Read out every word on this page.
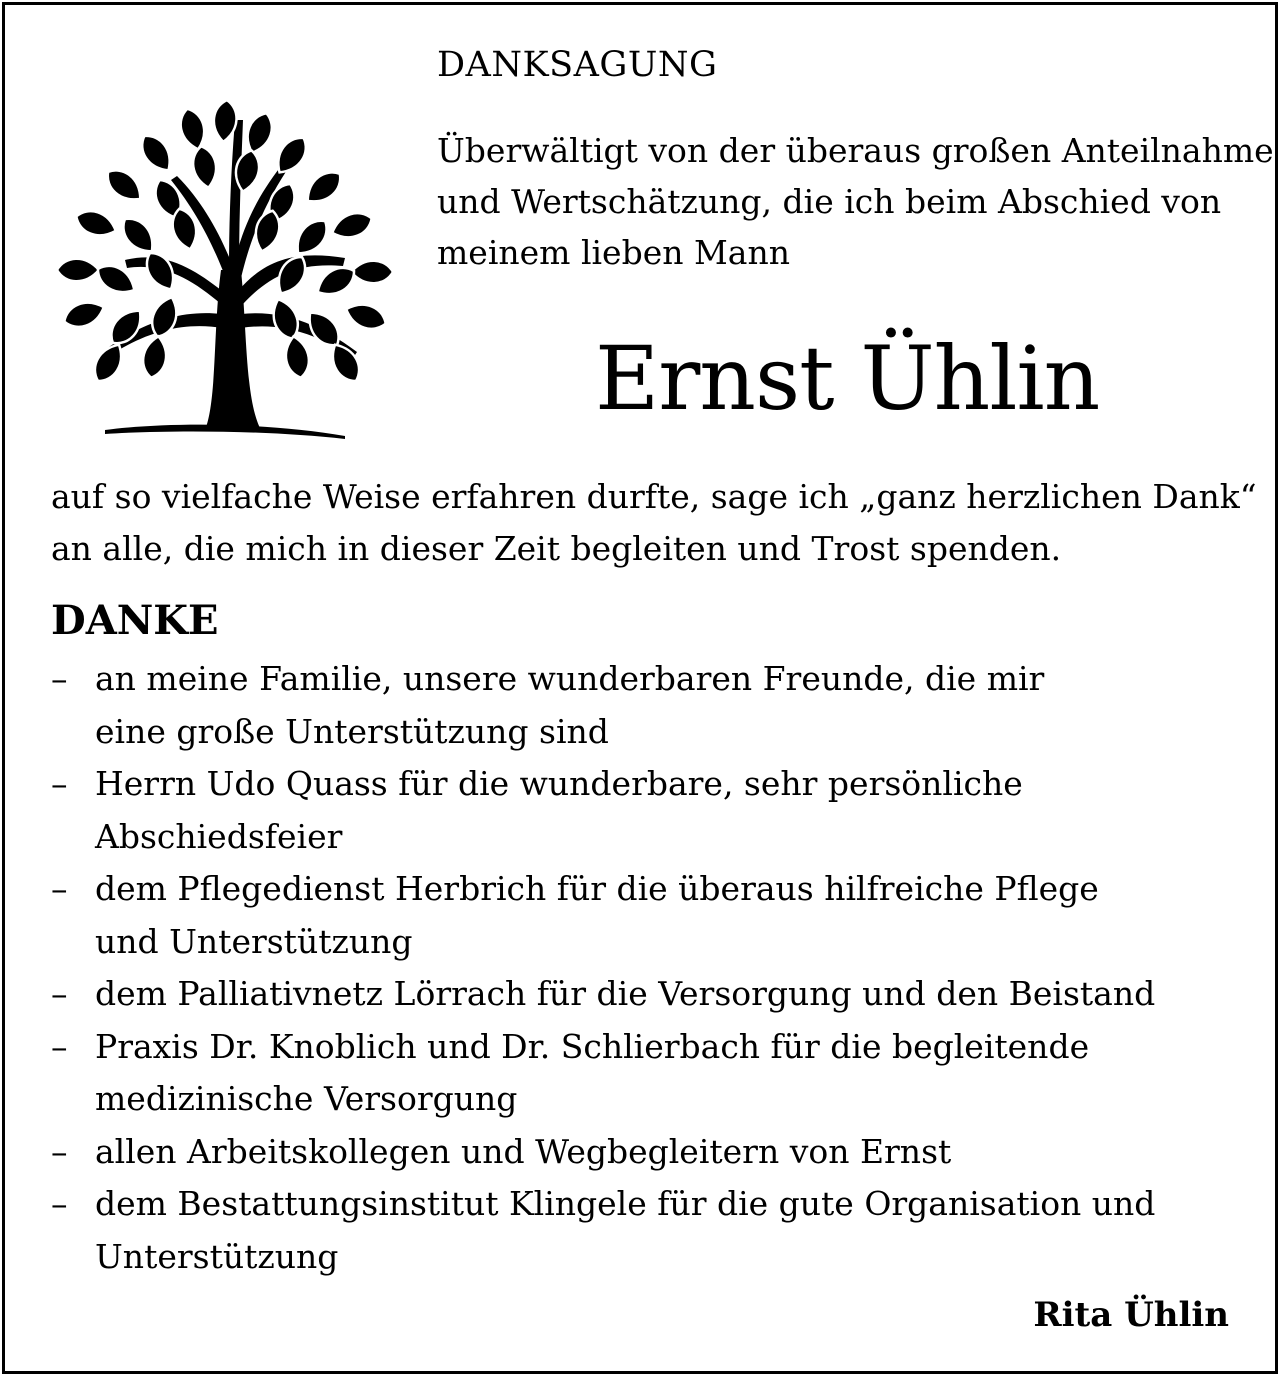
DANKSAGUNG
Überwältigt von der überaus großen Anteilnahme
und Wertschätzung, die ich beim Abschied von
meinem lieben Mann
Ernst Ühlin
auf so vielfache Weise erfahren durfte, sage ich „ganz herzlichen Dank“
an alle, die mich in dieser Zeit begleiten und Trost spenden.
DANKE
– an meine Familie, unsere wunderbaren Freunde, die mir
eine große Unterstützung sind
– Herrn Udo Quass für die wunderbare, sehr persönliche
Abschiedsfeier
– dem Pflegedienst Herbrich für die überaus hilfreiche Pflege
und Unterstützung
– dem Palliativnetz Lörrach für die Versorgung und den Beistand
– Praxis Dr. Knoblich und Dr. Schlierbach für die begleitende
medizinische Versorgung
– allen Arbeitskollegen und Wegbegleitern von Ernst
– dem Bestattungsinstitut Klingele für die gute Organisation und
Unterstützung
Rita Ühlin
